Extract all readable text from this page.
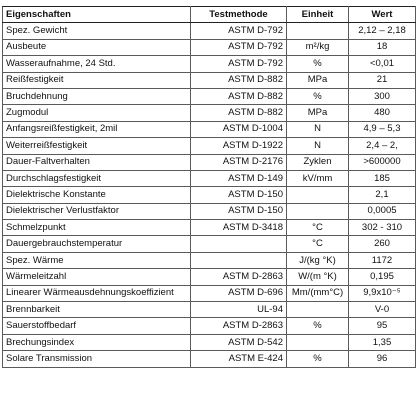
Eigenschaften	Testmethode	Einheit	Wert
Spez. Gewicht	ASTM D-792		2,12 – 2,18
Ausbeute	ASTM D-792	m²/kg	18
Wasseraufnahme, 24 Std.	ASTM D-792	%	<0,01
Reißfestigkeit	ASTM D-882	MPa	21
Bruchdehnung	ASTM D-882	%	300
Zugmodul	ASTM D-882	MPa	480
Anfangsreißfestigkeit, 2mil	ASTM D-1004	N	4,9 – 5,3
Weiterreißfestigkeit	ASTM D-1922	N	2,4 – 2,
Dauer-Faltverhalten	ASTM D-2176	Zyklen	>600000
Durchschlagsfestigkeit	ASTM D-149	kV/mm	185
Dielektrische Konstante	ASTM D-150		2,1
Dielektrischer Verlustfaktor	ASTM D-150		0,0005
Schmelzpunkt	ASTM D-3418	°C	302 - 310
Dauergebrauchstemperatur		°C	260
Spez. Wärme		J/(kg °K)	1172
Wärmeleitzahl	ASTM D-2863	W/(m °K)	0,195
Linearer Wärmeausdehnungskoeffizient	ASTM D-696	Mm/(mm°C)	9,9x10⁻⁵
Brennbarkeit	UL-94		V-0
Sauerstoffbedarf	ASTM D-2863	%	95
Brechungsindex	ASTM D-542		1,35
Solare Transmission	ASTM E-424	%	96
